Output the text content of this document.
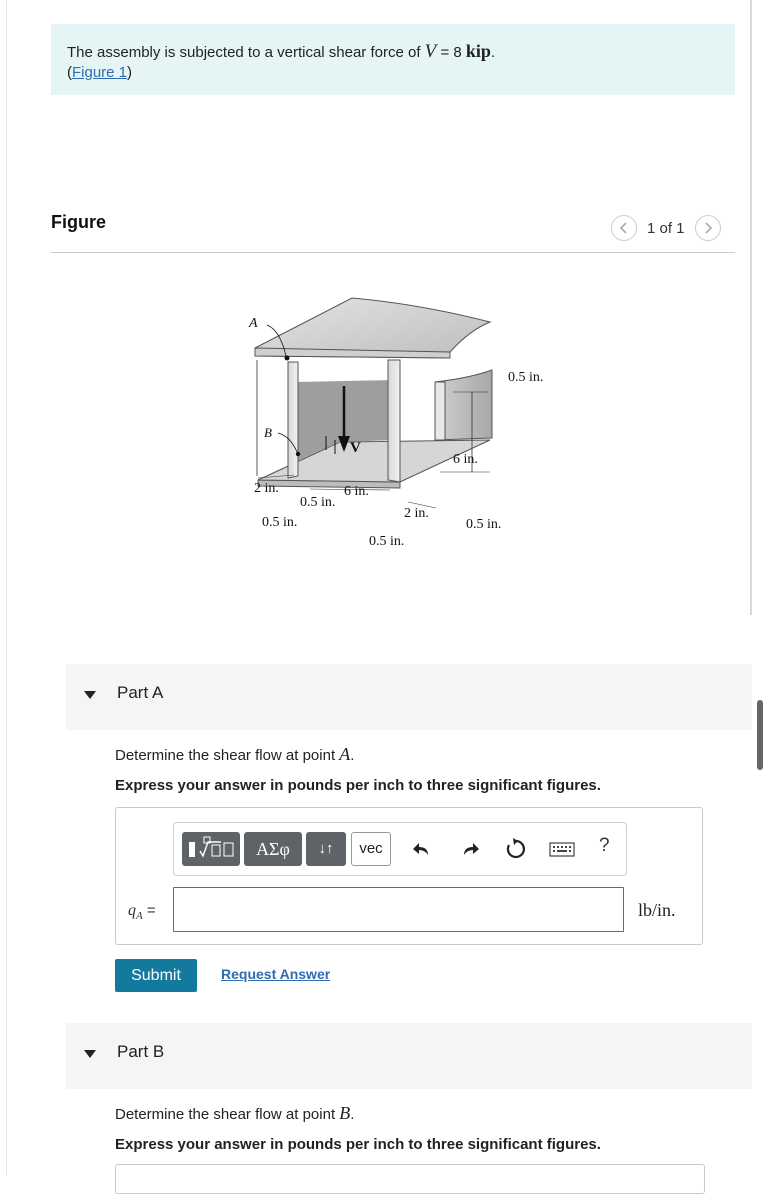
The assembly is subjected to a vertical shear force of V = 8 kip.
(Figure 1)
Figure	1 of 1
A
B
V
0.5 in.
6 in.
2 in.
0.5 in.
0.5 in.
6 in.
2 in.
0.5 in.
0.5 in.
Part A
Determine the shear flow at point A.
Express your answer in pounds per inch to three significant figures.
ΑΣφ	↓↑	vec	?
$q_A$ =	lb/in.
Submit	Request Answer
Part B
Determine the shear flow at point B.
Express your answer in pounds per inch to three significant figures.
